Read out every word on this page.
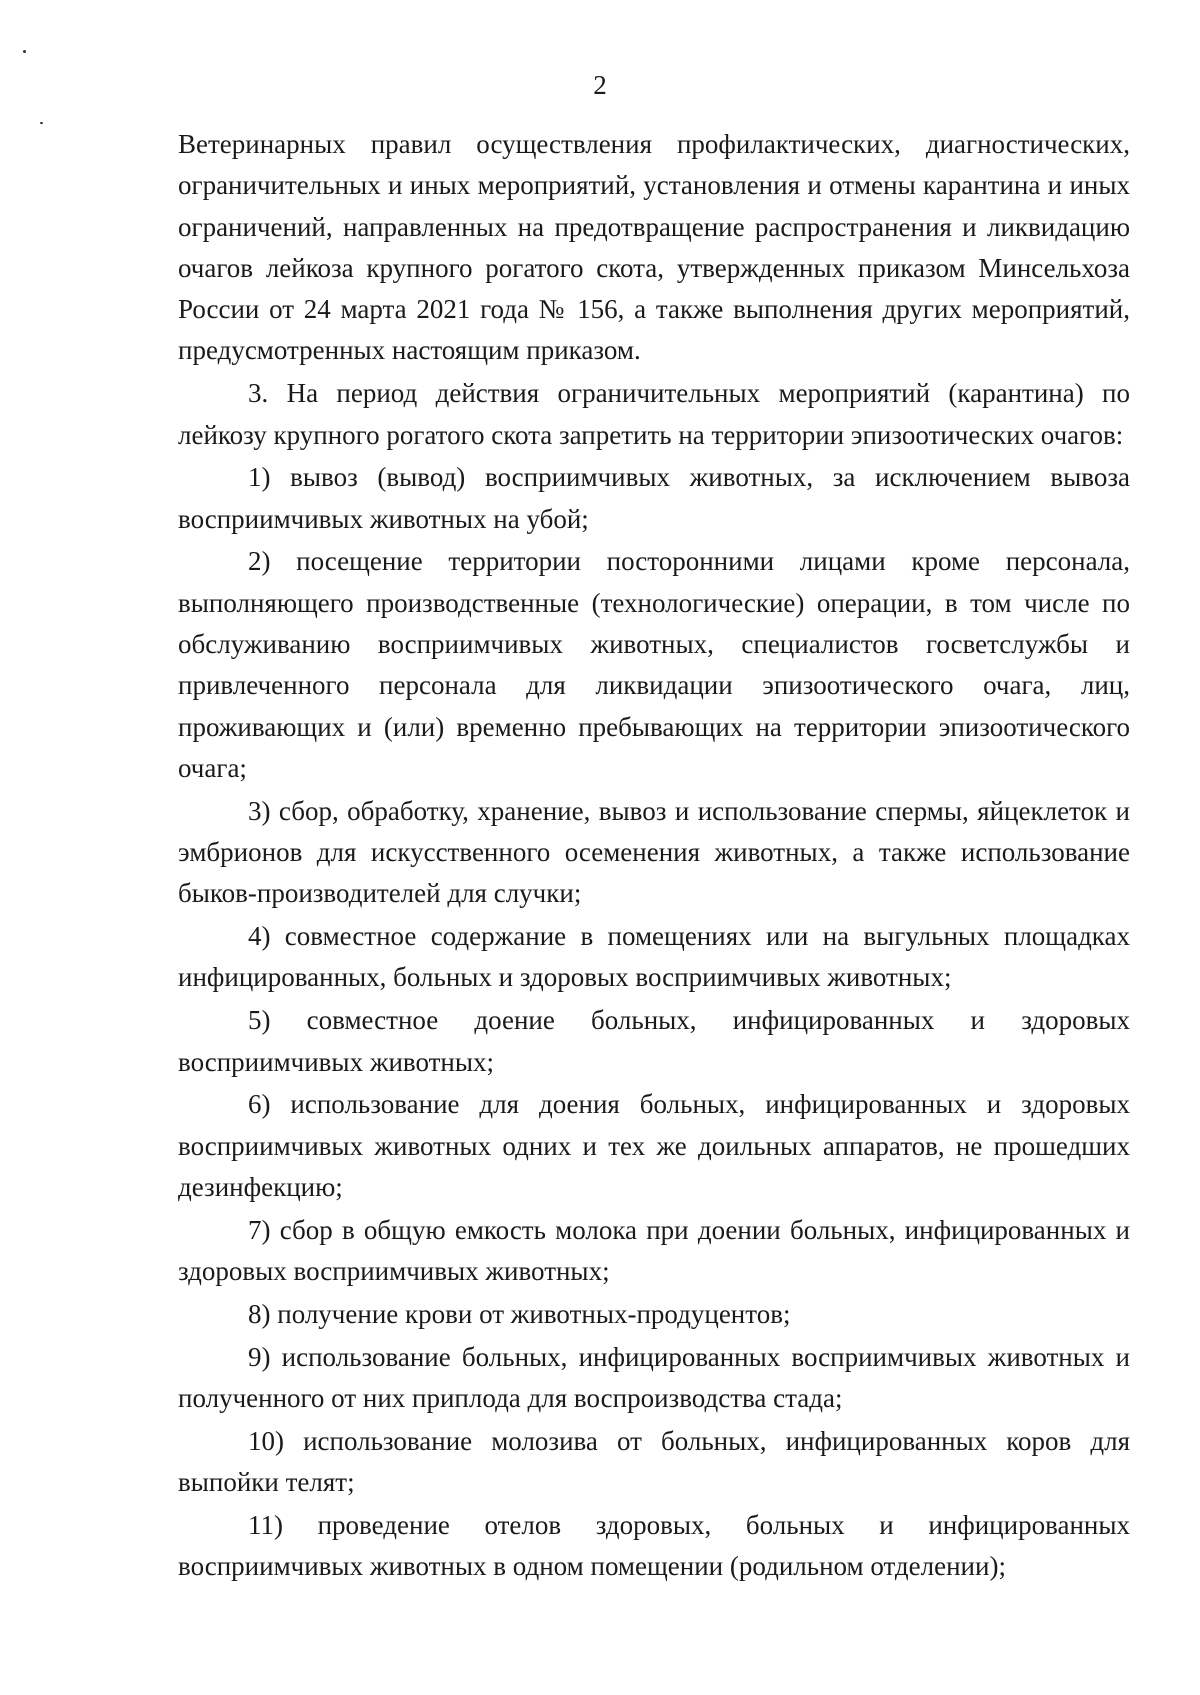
2

Ветеринарных правил осуществления профилактических, диагностических, ограничительных и иных мероприятий, установления и отмены карантина и иных ограничений, направленных на предотвращение распространения и ликвидацию очагов лейкоза крупного рогатого скота, утвержденных приказом Минсельхоза России от 24 марта 2021 года № 156, а также выполнения других мероприятий, предусмотренных настоящим приказом.

3. На период действия ограничительных мероприятий (карантина) по лейкозу крупного рогатого скота запретить на территории эпизоотических очагов:

1) вывоз (вывод) восприимчивых животных, за исключением вывоза восприимчивых животных на убой;

2) посещение территории посторонними лицами кроме персонала, выполняющего производственные (технологические) операции, в том числе по обслуживанию восприимчивых животных, специалистов госветслужбы и привлеченного персонала для ликвидации эпизоотического очага, лиц, проживающих и (или) временно пребывающих на территории эпизоотического очага;

3) сбор, обработку, хранение, вывоз и использование спермы, яйцеклеток и эмбрионов для искусственного осеменения животных, а также использование быков-производителей для случки;

4) совместное содержание в помещениях или на выгульных площадках инфицированных, больных и здоровых восприимчивых животных;

5) совместное доение больных, инфицированных и здоровых восприимчивых животных;

6) использование для доения больных, инфицированных и здоровых восприимчивых животных одних и тех же доильных аппаратов, не прошедших дезинфекцию;

7) сбор в общую емкость молока при доении больных, инфицированных и здоровых восприимчивых животных;

8) получение крови от животных-продуцентов;

9) использование больных, инфицированных восприимчивых животных и полученного от них приплода для воспроизводства стада;

10) использование молозива от больных, инфицированных коров для выпойки телят;

11) проведение отелов здоровых, больных и инфицированных восприимчивых животных в одном помещении (родильном отделении);
